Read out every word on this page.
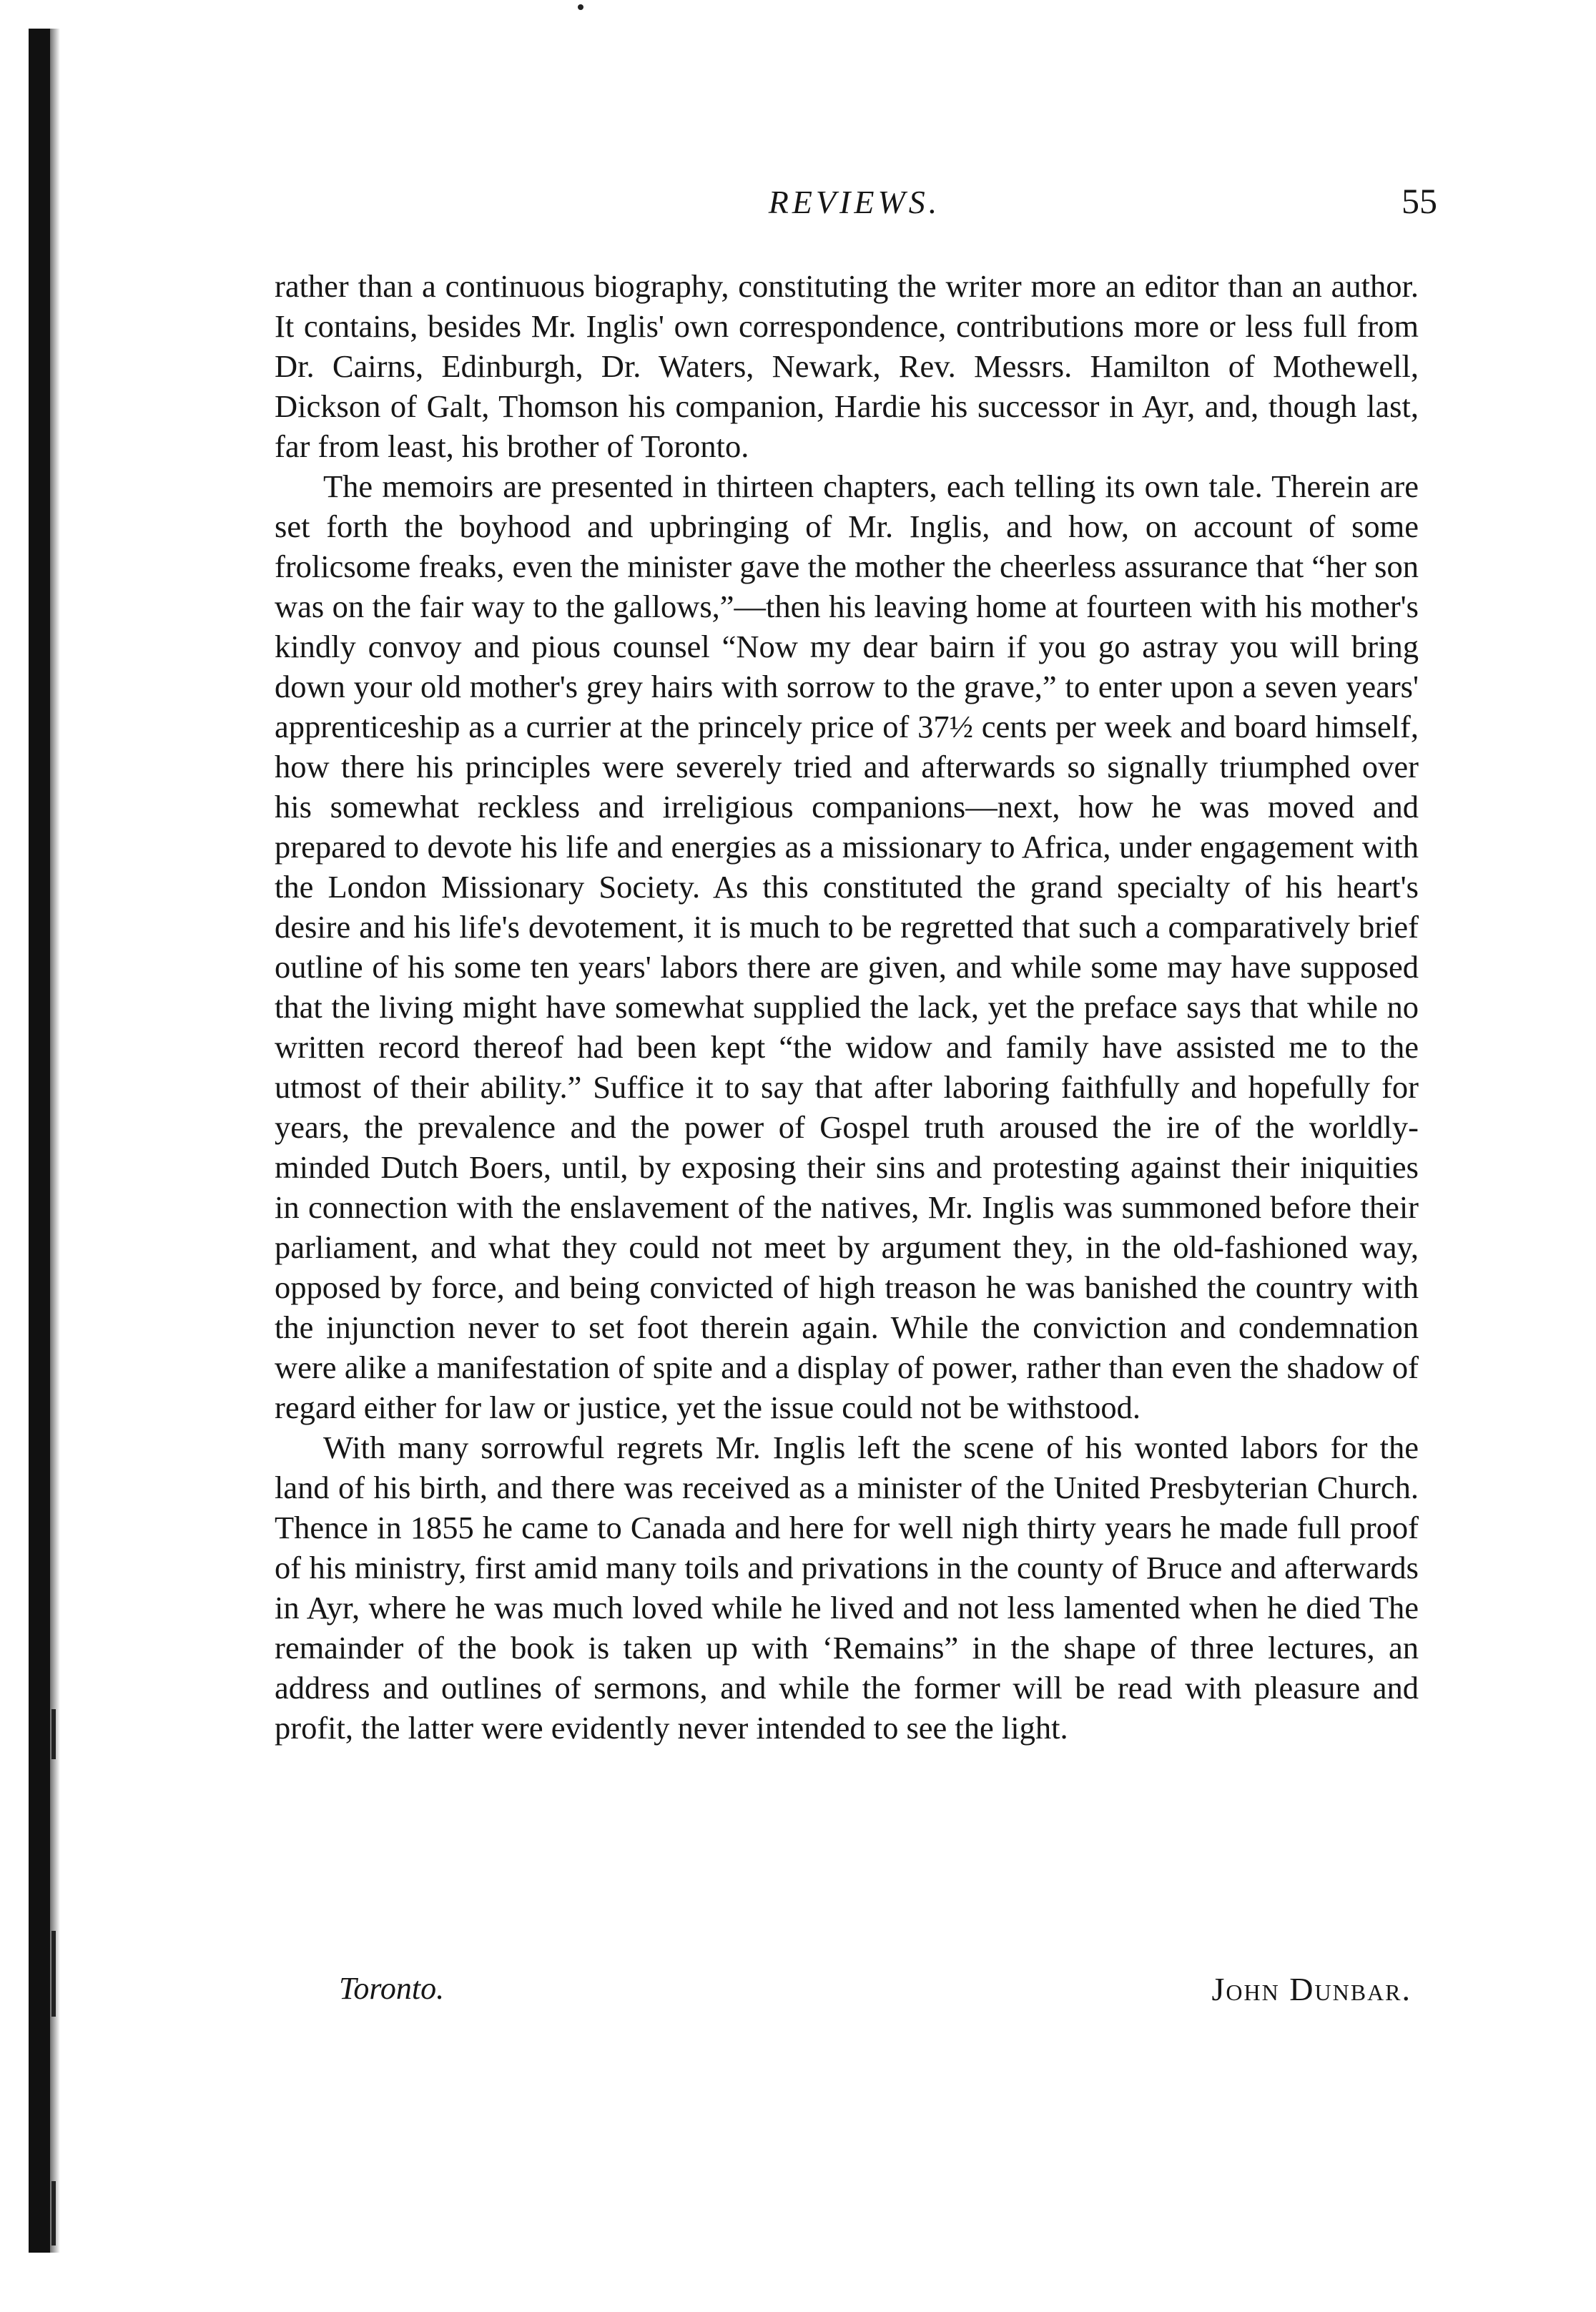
REVIEWS.	55

rather than a continuous biography, constituting the writer more an editor than an author. It contains, besides Mr. Inglis' own correspondence, contributions more or less full from Dr. Cairns, Edinburgh, Dr. Waters, Newark, Rev. Messrs. Hamilton of Mothewell, Dickson of Galt, Thomson his companion, Hardie his successor in Ayr, and, though last, far from least, his brother of Toronto.

The memoirs are presented in thirteen chapters, each telling its own tale. Therein are set forth the boyhood and upbringing of Mr. Inglis, and how, on account of some frolicsome freaks, even the minister gave the mother the cheerless assurance that “her son was on the fair way to the gallows,”—then his leaving home at fourteen with his mother's kindly convoy and pious counsel “Now my dear bairn if you go astray you will bring down your old mother's grey hairs with sorrow to the grave,” to enter upon a seven years' apprenticeship as a currier at the princely price of 37½ cents per week and board himself, how there his principles were severely tried and afterwards so signally triumphed over his somewhat reckless and irreligious companions—next, how he was moved and prepared to devote his life and energies as a missionary to Africa, under engagement with the London Missionary Society. As this constituted the grand specialty of his heart's desire and his life's devotement, it is much to be regretted that such a comparatively brief outline of his some ten years' labors there are given, and while some may have supposed that the living might have somewhat supplied the lack, yet the preface says that while no written record thereof had been kept “the widow and family have assisted me to the utmost of their ability.” Suffice it to say that after laboring faithfully and hopefully for years, the prevalence and the power of Gospel truth aroused the ire of the worldly-minded Dutch Boers, until, by exposing their sins and protesting against their iniquities in connection with the enslavement of the natives, Mr. Inglis was summoned before their parliament, and what they could not meet by argument they, in the old-fashioned way, opposed by force, and being convicted of high treason he was banished the country with the injunction never to set foot therein again. While the conviction and condemnation were alike a manifestation of spite and a display of power, rather than even the shadow of regard either for law or justice, yet the issue could not be withstood.

With many sorrowful regrets Mr. Inglis left the scene of his wonted labors for the land of his birth, and there was received as a minister of the United Presbyterian Church. Thence in 1855 he came to Canada and here for well nigh thirty years he made full proof of his ministry, first amid many toils and privations in the county of Bruce and afterwards in Ayr, where he was much loved while he lived and not less lamented when he died The remainder of the book is taken up with ‘Remains” in the shape of three lectures, an address and outlines of sermons, and while the former will be read with pleasure and profit, the latter were evidently never intended to see the light.

Toronto.	John Dunbar.
